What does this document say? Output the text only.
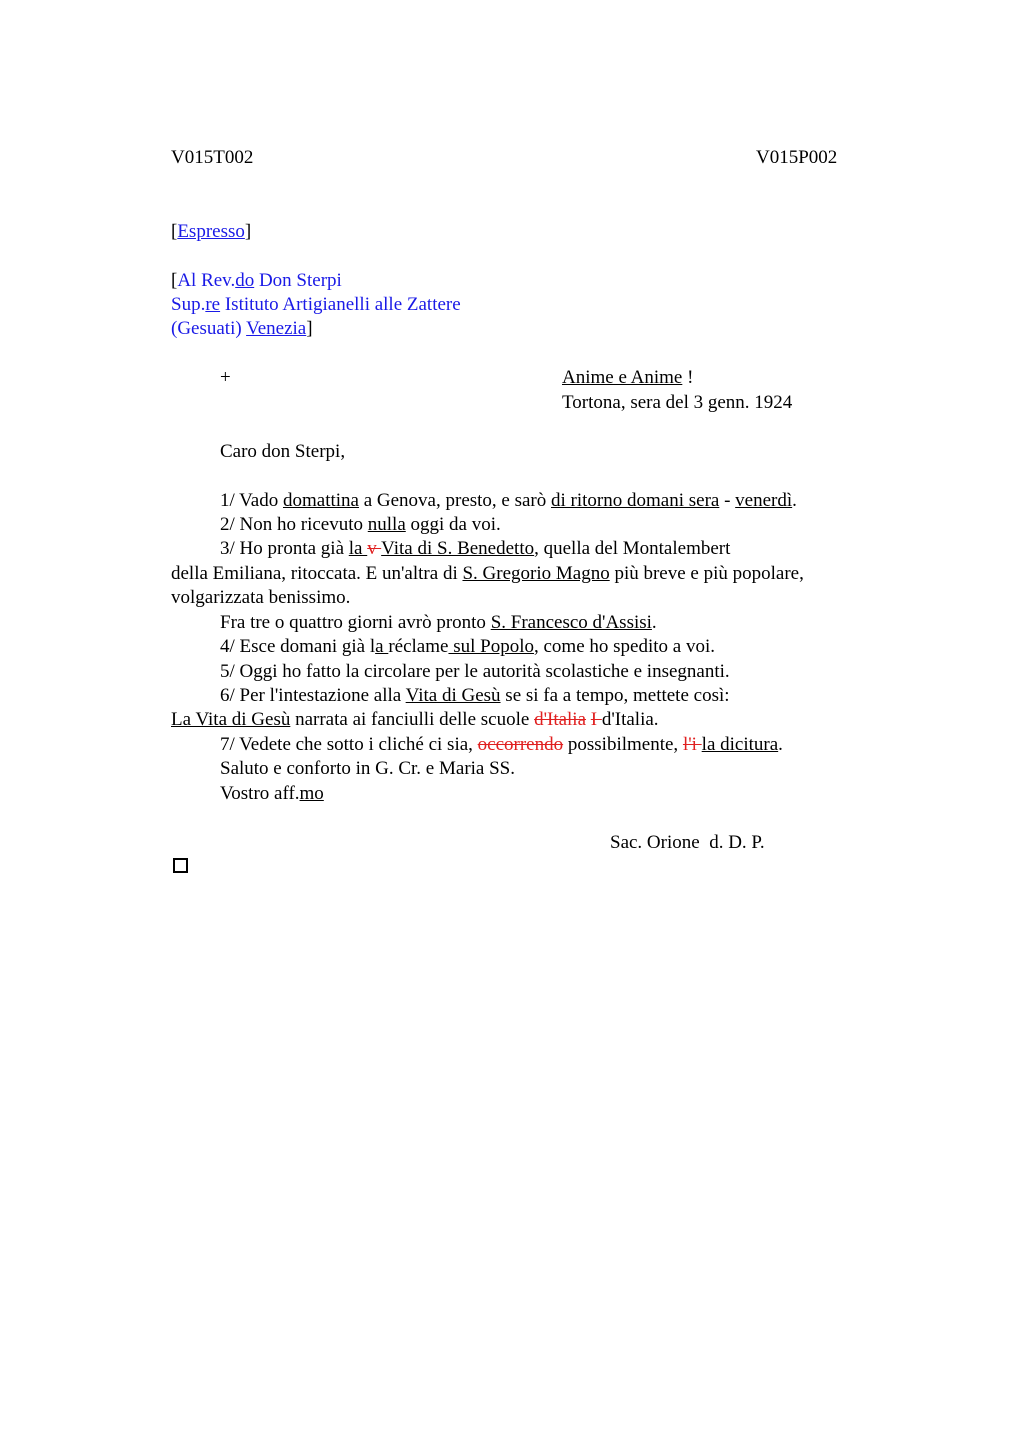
V015T002	V015P002
[Espresso]
[Al Rev.do Don Sterpi
Sup.re Istituto Artigianelli alle Zattere
(Gesuati) Venezia]
+	Anime e Anime !
Tortona, sera del 3 genn. 1924
Caro don Sterpi,
1/ Vado domattina a Genova, presto, e sarò di ritorno domani sera - venerdì.
2/ Non ho ricevuto nulla oggi da voi.
3/ Ho pronta già la v Vita di S. Benedetto, quella del Montalembert
della Emiliana, ritoccata. E un'altra di S. Gregorio Magno più breve e più popolare,
volgarizzata benissimo.
Fra tre o quattro giorni avrò pronto S. Francesco d'Assisi.
4/ Esce domani già la réclame sul Popolo, come ho spedito a voi.
5/ Oggi ho fatto la circolare per le autorità scolastiche e insegnanti.
6/ Per l'intestazione alla Vita di Gesù se si fa a tempo, mettete così:
La Vita di Gesù narrata ai fanciulli delle scuole d'Italia I d'Italia.
7/ Vedete che sotto i cliché ci sia, occorrendo possibilmente, l'i la dicitura.
Saluto e conforto in G. Cr. e Maria SS.
Vostro aff.mo
Sac. Orione  d. D. P.
